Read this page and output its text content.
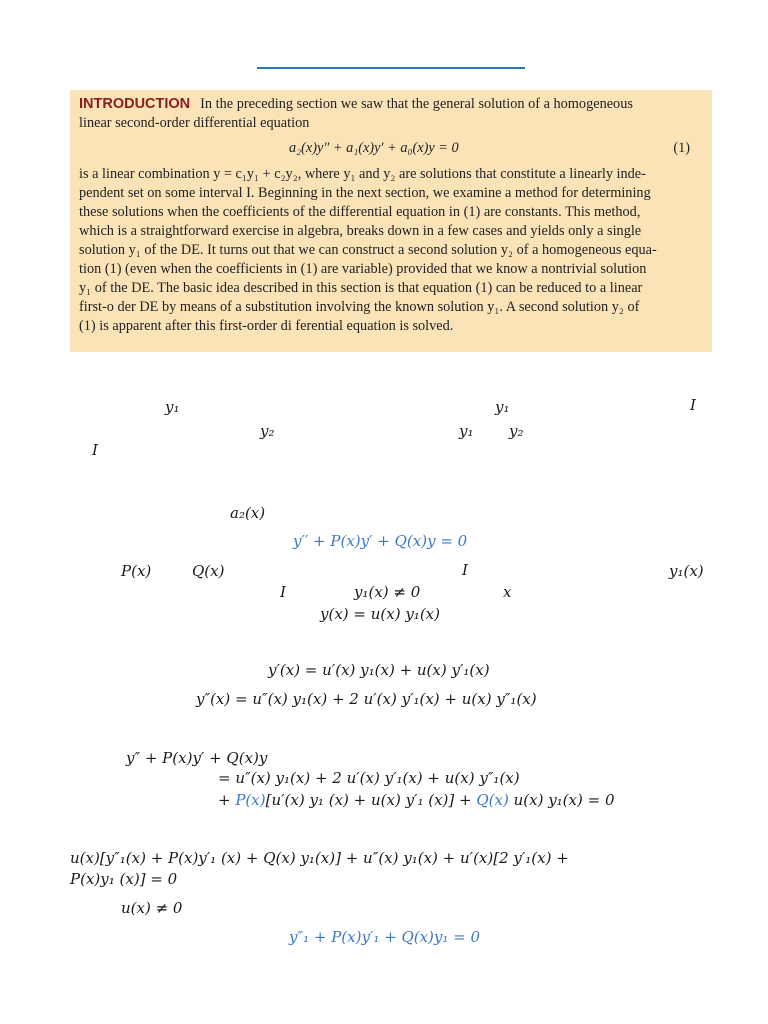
INTRODUCTION In the preceding section we saw that the general solution of a homogeneous
linear second-order differential equation
a₂(x)y″ + a₁(x)y′ + a₀(x)y = 0	(1)
is a linear combination y = c₁y₁ + c₂y₂, where y₁ and y₂ are solutions that constitute a linearly inde-
pendent set on some interval I. Beginning in the next section, we examine a method for determining
these solutions when the coefficients of the differential equation in (1) are constants. This method,
which is a straightforward exercise in algebra, breaks down in a few cases and yields only a single
solution y₁ of the DE. It turns out that we can construct a second solution y₂ of a homogeneous equa-
tion (1) (even when the coefficients in (1) are variable) provided that we know a nontrivial solution
y₁ of the DE. The basic idea described in this section is that equation (1) can be reduced to a linear
first-o der DE by means of a substitution involving the known solution y₁. A second solution y₂ of
(1) is apparent after this first-order di ferential equation is solved.
y₁	y₁	I
y₂	y₁ y₂
I
a₂(x)
y′′ + P(x)y′ + Q(x)y = 0
P(x)	Q(x)	I	y₁(x)
I	y₁(x) ≠ 0	x
y(x) = u(x) y₁(x)
y′(x) = u′(x) y₁(x) + u(x) y′₁(x)
y″(x) = u″(x) y₁(x) + 2 u′(x) y′₁(x) + u(x) y″₁(x)
y″ + P(x)y′ + Q(x)y
= u″(x) y₁(x) + 2 u′(x) y′₁(x) + u(x) y″₁(x)
+ P(x)[u′(x) y₁ (x) + u(x) y′₁ (x)] + Q(x) u(x) y₁(x) = 0
u(x)[y″₁(x) + P(x)y′₁ (x) + Q(x) y₁(x)] + u″(x) y₁(x) + u′(x)[2 y′₁(x) +
P(x)y₁ (x)] = 0
u(x) ≠ 0
y″₁ + P(x)y′₁ + Q(x)y₁ = 0
